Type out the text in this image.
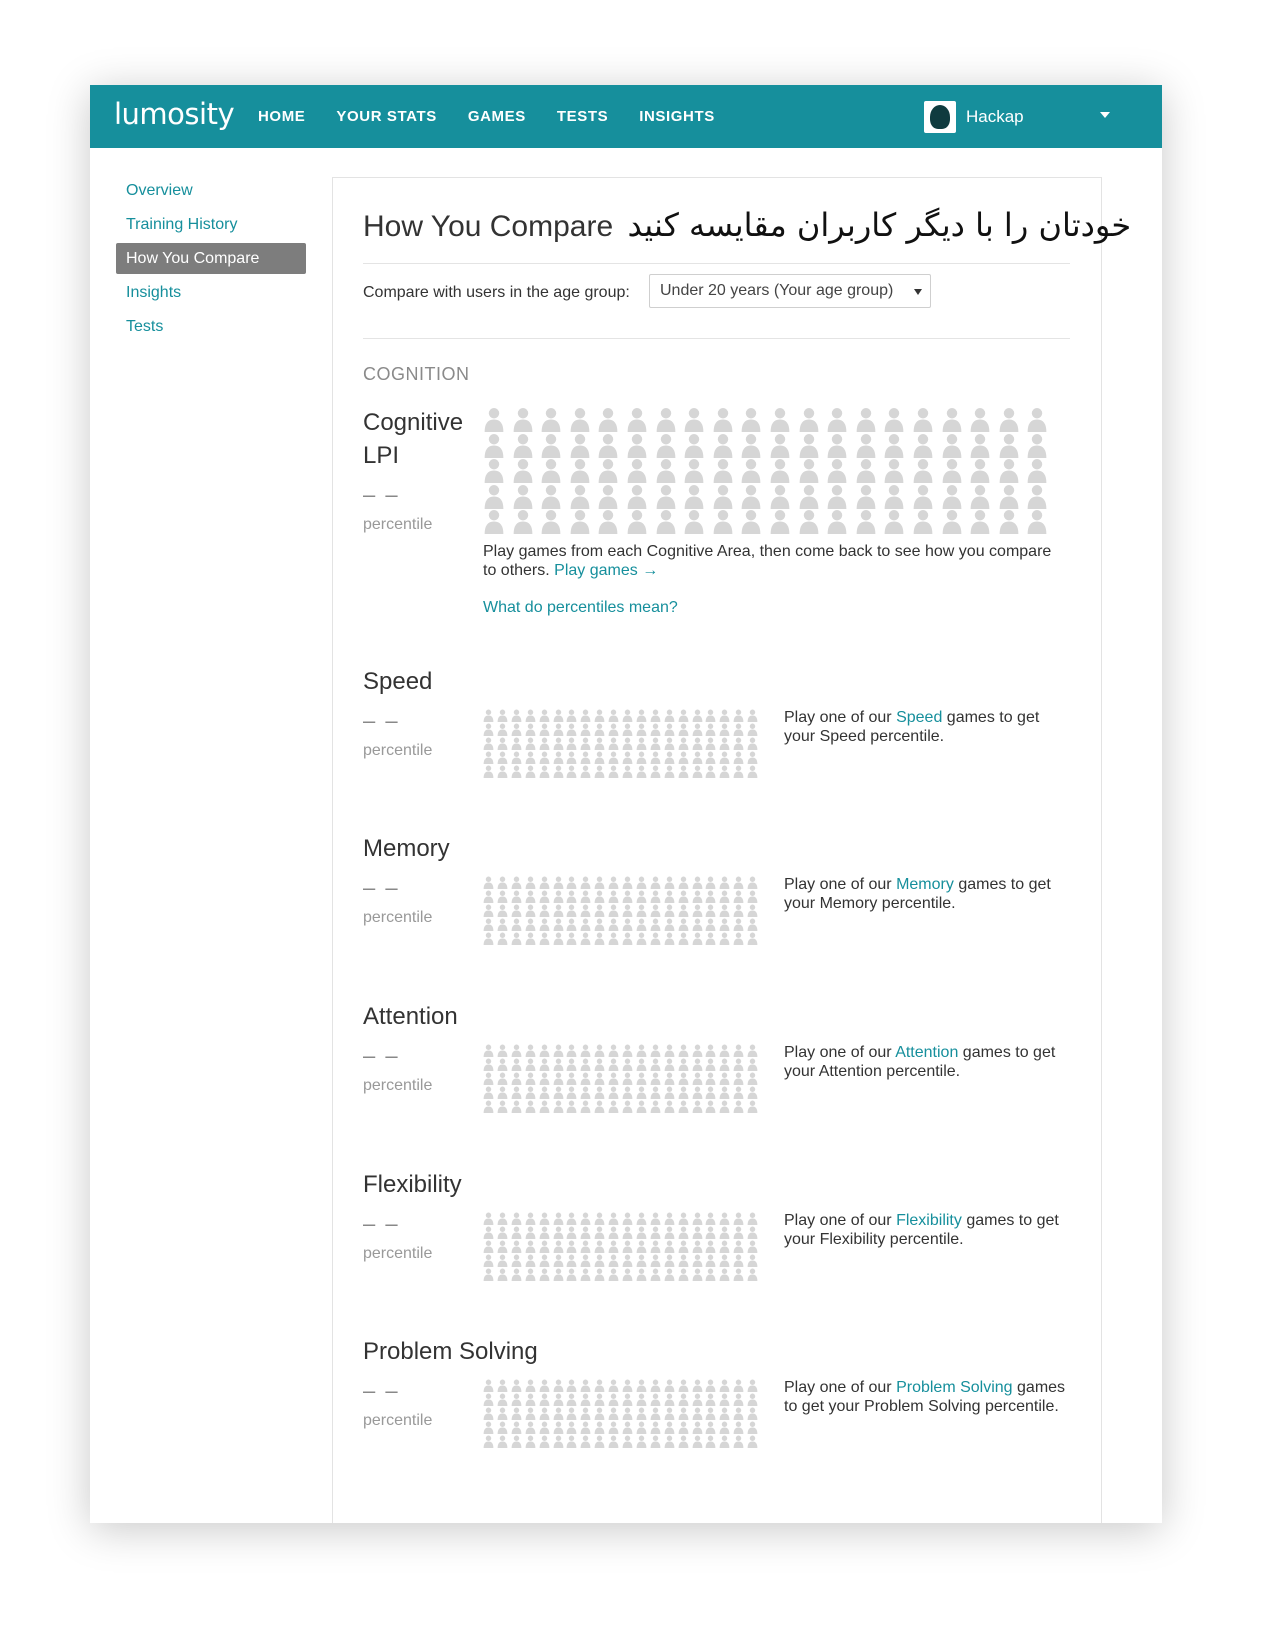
lumosity HOME YOUR STATS GAMES TESTS INSIGHTS	Hackap
Overview
Training History
How You Compare
Insights
Tests
How You Compare خودتان را با دیگر کاربران مقایسه کنید
Compare with users in the age group:	Under 20 years (Your age group)
COGNITION
Cognitive
LPI
– –
percentile
Play games from each Cognitive Area, then come back to see how you compare to others. Play games →
What do percentiles mean?
Speed
– –
percentile
Play one of our Speed games to get your Speed percentile.
Memory
– –
percentile
Play one of our Memory games to get your Memory percentile.
Attention
– –
percentile
Play one of our Attention games to get your Attention percentile.
Flexibility
– –
percentile
Play one of our Flexibility games to get your Flexibility percentile.
Problem Solving
– –
percentile
Play one of our Problem Solving games to get your Problem Solving percentile.
